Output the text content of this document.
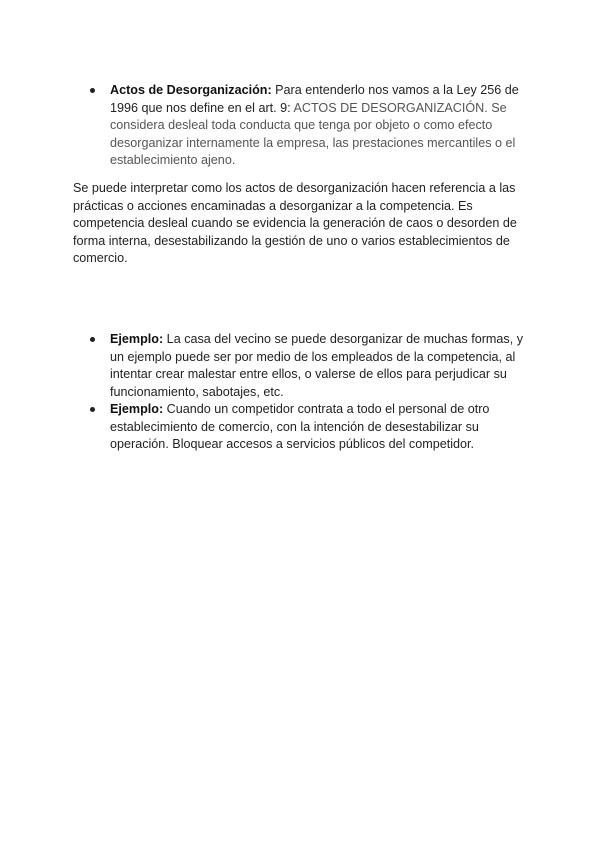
Actos de Desorganización: Para entenderlo nos vamos a la Ley 256 de 1996 que nos define en el art. 9: ACTOS DE DESORGANIZACIÓN. Se considera desleal toda conducta que tenga por objeto o como efecto desorganizar internamente la empresa, las prestaciones mercantiles o el establecimiento ajeno.

Se puede interpretar como los actos de desorganización hacen referencia a las prácticas o acciones encaminadas a desorganizar a la competencia. Es competencia desleal cuando se evidencia la generación de caos o desorden de forma interna, desestabilizando la gestión de uno o varios establecimientos de comercio.

Ejemplo: La casa del vecino se puede desorganizar de muchas formas, y un ejemplo puede ser por medio de los empleados de la competencia, al intentar crear malestar entre ellos, o valerse de ellos para perjudicar su funcionamiento, sabotajes, etc.
Ejemplo: Cuando un competidor contrata a todo el personal de otro establecimiento de comercio, con la intención de desestabilizar su operación. Bloquear accesos a servicios públicos del competidor.
